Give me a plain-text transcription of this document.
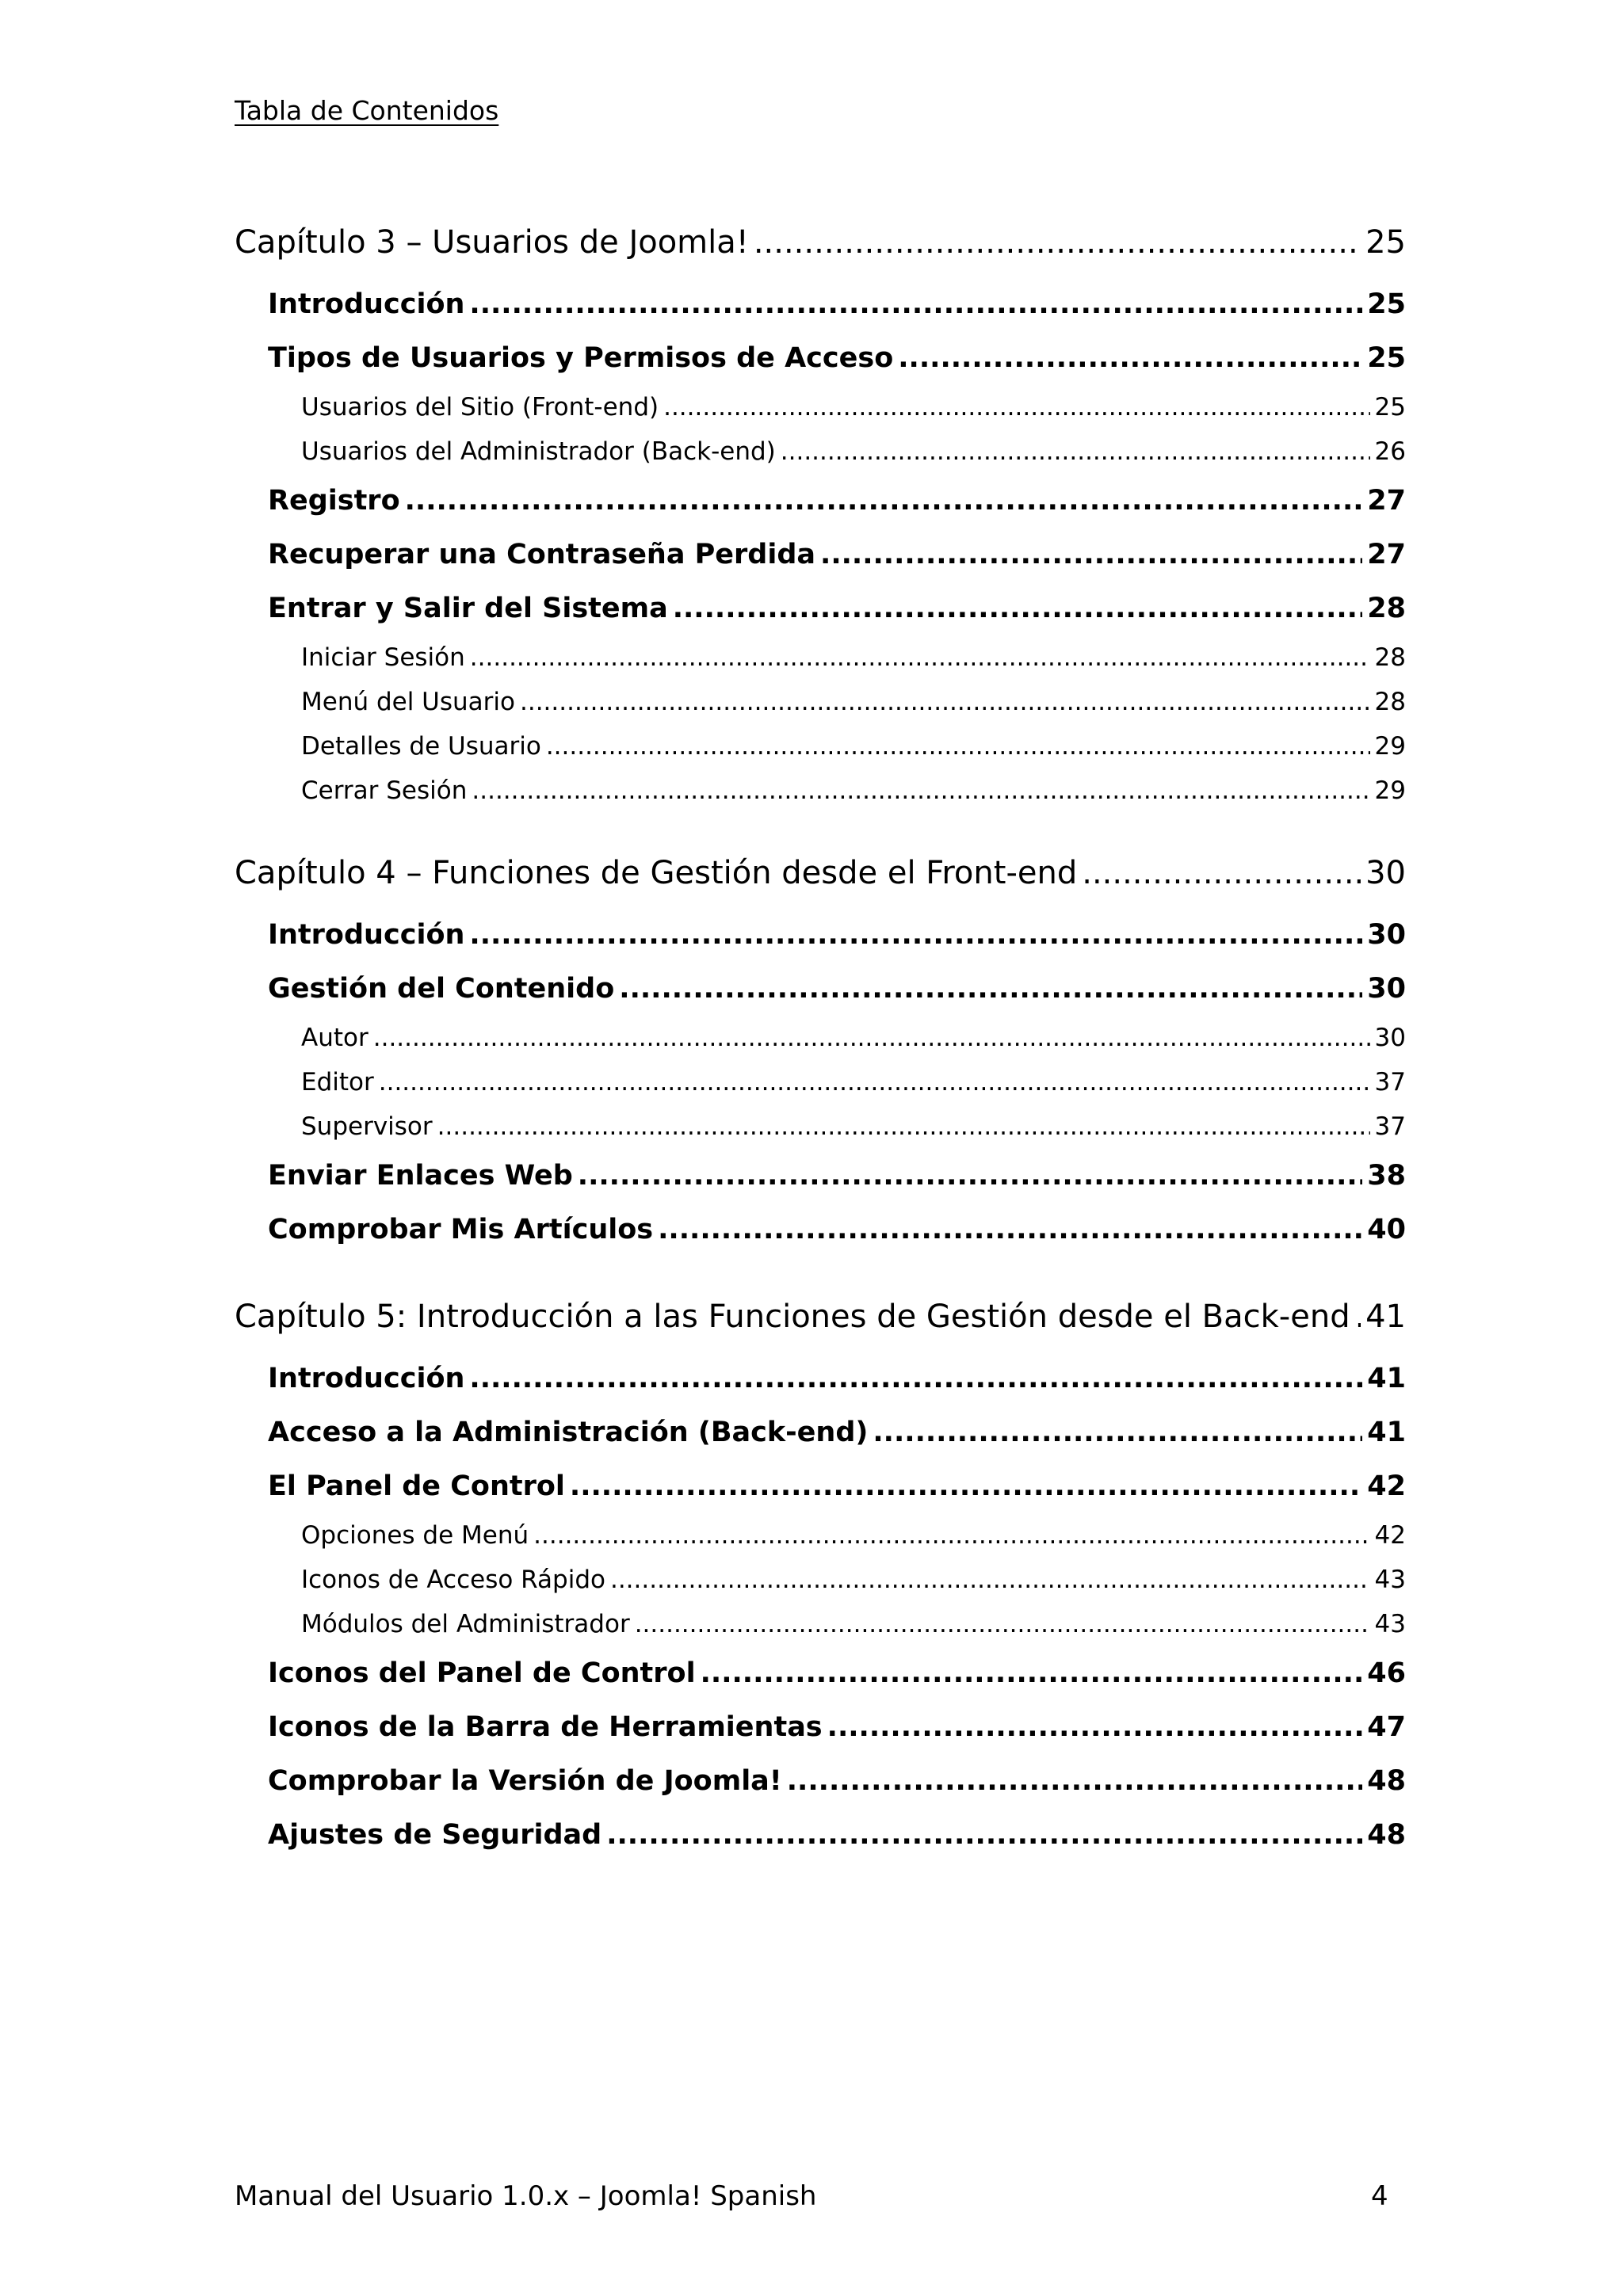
Tabla de Contenidos
Capítulo 3 – Usuarios de Joomla! .....	25
Introducción .....	25
Tipos de Usuarios y Permisos de Acceso .....	25
Usuarios del Sitio (Front-end) .....	25
Usuarios del Administrador (Back-end) .....	26
Registro .....	27
Recuperar una Contraseña Perdida .....	27
Entrar y Salir del Sistema .....	28
Iniciar Sesión .....	28
Menú del Usuario .....	28
Detalles de Usuario .....	29
Cerrar Sesión .....	29
Capítulo 4 – Funciones de Gestión desde el Front-end .....	30
Introducción .....	30
Gestión del Contenido .....	30
Autor .....	30
Editor .....	37
Supervisor .....	37
Enviar Enlaces Web .....	38
Comprobar Mis Artículos .....	40
Capítulo 5: Introducción a las Funciones de Gestión desde el Back-end ..... 41
Introducción .....	41
Acceso a la Administración (Back-end) .....	41
El Panel de Control .....	42
Opciones de Menú .....	42
Iconos de Acceso Rápido .....	43
Módulos del Administrador .....	43
Iconos del Panel de Control .....	46
Iconos de la Barra de Herramientas .....	47
Comprobar la Versión de Joomla! .....	48
Ajustes de Seguridad .....	48
Manual del Usuario 1.0.x – Joomla! Spanish	4
